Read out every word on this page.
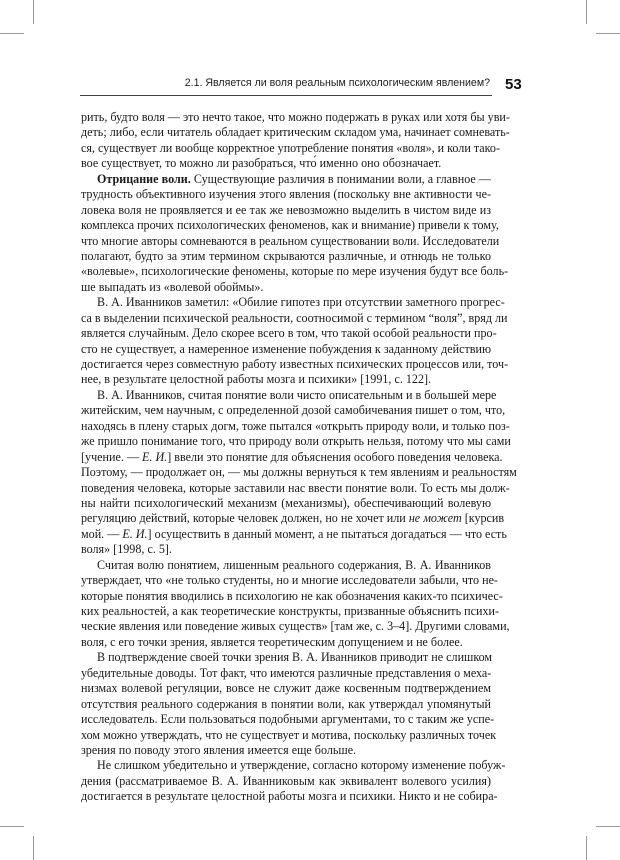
2.1. Является ли воля реальным психологическим явлением? 53
рить, будто воля — это нечто такое, что можно подержать в руках или хотя бы уви-
деть; либо, если читатель обладает критическим складом ума, начинает сомневать-
ся, существует ли вообще корректное употребление понятия «воля», и коли тако-
вое существует, то можно ли разобраться, что́ именно оно обозначает.
Отрицание воли. Существующие различия в понимании воли, а главное —
трудность объективного изучения этого явления (поскольку вне активности че-
ловека воля не проявляется и ее так же невозможно выделить в чистом виде из
комплекса прочих психологических феноменов, как и внимание) привели к тому,
что многие авторы сомневаются в реальном существовании воли. Исследователи
полагают, будто за этим термином скрываются различные, и отнюдь не только
«волевые», психологические феномены, которые по мере изучения будут все боль-
ше выпадать из «волевой обоймы».
В. А. Иванников заметил: «Обилие гипотез при отсутствии заметного прогрес-
са в выделении психической реальности, соотносимой с термином “воля”, вряд ли
является случайным. Дело скорее всего в том, что такой особой реальности про-
сто не существует, а намеренное изменение побуждения к заданному действию
достигается через совместную работу известных психических процессов или, точ-
нее, в результате целостной работы мозга и психики» [1991, с. 122].
В. А. Иванников, считая понятие воли чисто описательным и в большей мере
житейским, чем научным, с определенной дозой самобичевания пишет о том, что,
находясь в плену старых догм, тоже пытался «открыть природу воли, и только поз-
же пришло понимание того, что природу воли открыть нельзя, потому что мы сами
[учение. — Е. И.] ввели это понятие для объяснения особого поведения человека.
Поэтому, — продолжает он, — мы должны вернуться к тем явлениям и реальностям
поведения человека, которые заставили нас ввести понятие воли. То есть мы долж-
ны найти психологический механизм (механизмы), обеспечивающий волевую
регуляцию действий, которые человек должен, но не хочет или не может [курсив
мой. — Е. И.] осуществить в данный момент, а не пытаться догадаться — что есть
воля» [1998, с. 5].
Считая волю понятием, лишенным реального содержания, В. А. Иванников
утверждает, что «не только студенты, но и многие исследователи забыли, что не-
которые понятия вводились в психологию не как обозначения каких-то психичес-
ких реальностей, а как теоретические конструкты, призванные объяснить психи-
ческие явления или поведение живых существ» [там же, с. 3–4]. Другими словами,
воля, с его точки зрения, является теоретическим допущением и не более.
В подтверждение своей точки зрения В. А. Иванников приводит не слишком
убедительные доводы. Тот факт, что имеются различные представления о меха-
низмах волевой регуляции, вовсе не служит даже косвенным подтверждением
отсутствия реального содержания в понятии воли, как утверждал упомянутый
исследователь. Если пользоваться подобными аргументами, то с таким же успе-
хом можно утверждать, что не существует и мотива, поскольку различных точек
зрения по поводу этого явления имеется еще больше.
Не слишком убедительно и утверждение, согласно которому изменение побуж-
дения (рассматриваемое В. А. Иванниковым как эквивалент волевого усилия)
достигается в результате целостной работы мозга и психики. Никто и не собира-
